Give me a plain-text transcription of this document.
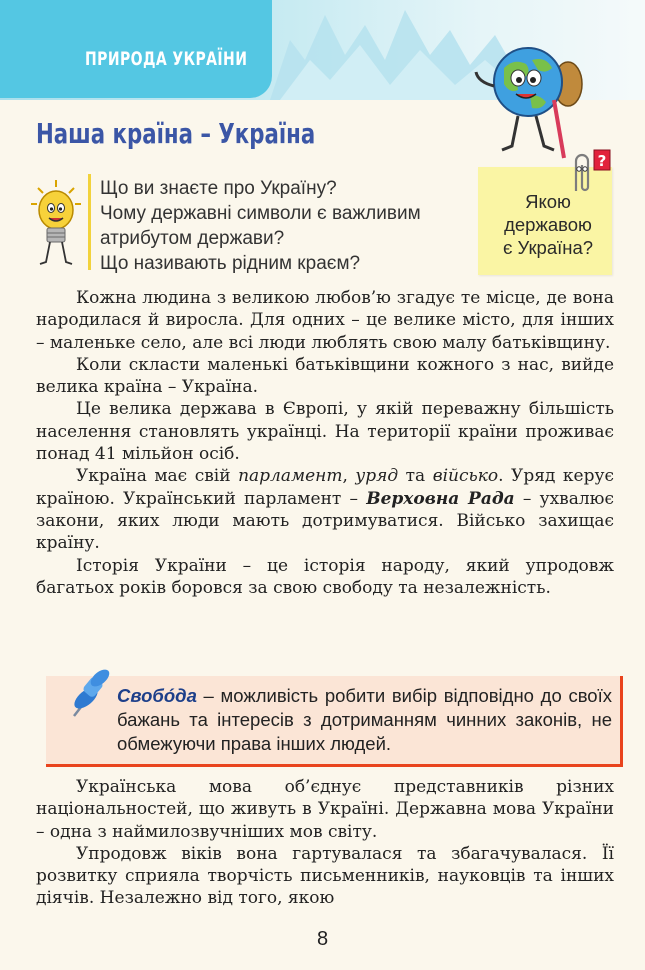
ПРИРОДА УКРАЇНИ
Наша країна – Україна
Що ви знаєте про Україну?
Чому державні символи є важливим
атрибутом держави?
Що називають рідним краєм?
Якою
державою
є Україна?
?

Кожна людина з великою любов’ю згадує те місце, де вона народилася й виросла. Для одних – це велике місто, для інших – маленьке село, але всі люди люблять свою малу батьківщину.

Коли скласти маленькі батьківщини кожного з нас, вийде велика країна – Україна.

Це велика держава в Європі, у якій переважну більшість населення становлять українці. На території країни проживає понад 41 мільйон осіб.

Україна має свій парламент, уряд та військо. Уряд керує країною. Український парламент – Верховна Рада – ухвалює закони, яких люди мають дотримуватися. Військо захищає країну.

Історія України – це історія народу, який упродовж багатьох років боровся за свою свободу та незалежність.

Свобóда – можливість робити вибір відповідно до своїх бажань та інтересів з дотриманням чинних законів, не обмежуючи права інших людей.

Українська мова об’єднує представників різних національностей, що живуть в Україні. Державна мова України – одна з наймилозвучніших мов світу.

Упродовж віків вона гартувалася та збагачувалася. Її розвитку сприяла творчість письменників, науковців та інших діячів. Незалежно від того, якою

8
